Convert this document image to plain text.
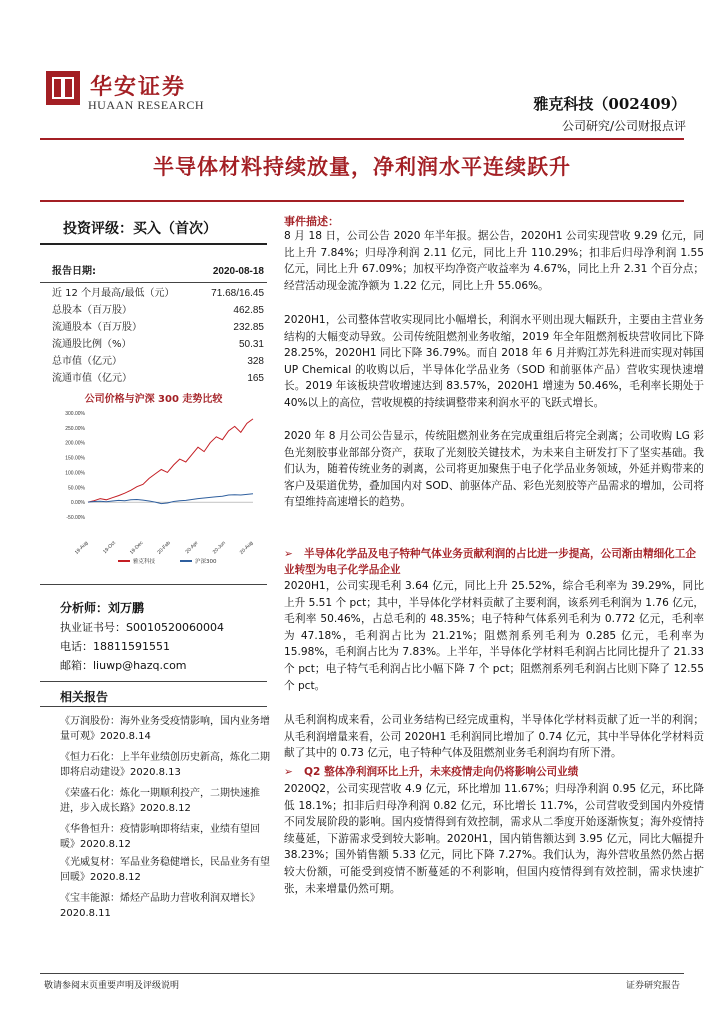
华安证券
HUAAN RESEARCH	雅克科技（002409）
公司研究/公司财报点评
半导体材料持续放量，净利润水平连续跃升
投资评级：买入（首次）
报告日期:	2020-08-18
近 12 个月最高/最低（元）	71.68/16.45
总股本（百万股）	462.85
流通股本（百万股）	232.85
流通股比例（%）	50.31
总市值（亿元）	328
流通市值（亿元）	165
公司价格与沪深 300 走势比较
300.00%
250.00%
200.00%
150.00%
100.00%
50.00%
0.00%
-50.00%
19-Aug	19-Oct 19-Dec 20-Feb	20-Apr 20-Jun 20-Aug
雅克科技	沪深300
分析师：刘万鹏
执业证书号：S0010520060004
电话：18811591551
邮箱：liuwp@hazq.com
相关报告
《万润股份：海外业务受疫情影响，国内业务增量可观》2020.8.14
《恒力石化：上半年业绩创历史新高，炼化二期即将启动建设》2020.8.13
《荣盛石化：炼化一期顺利投产，二期快速推进，步入成长路》2020.8.12
《华鲁恒升：疫情影响即将结束，业绩有望回暖》2020.8.12
《光威复材：军品业务稳健增长，民品业务有望回暖》2020.8.12
《宝丰能源：烯烃产品助力营收利润双增长》2020.8.11
事件描述：
8 月 18 日，公司公告 2020 年半年报。据公告，2020H1 公司实现营收 9.29 亿元，同比上升 7.84%；归母净利润 2.11 亿元，同比上升 110.29%；扣非后归母净利润 1.55 亿元，同比上升 67.09%；加权平均净资产收益率为 4.67%，同比上升 2.31 个百分点；经营活动现金流净额为 1.22 亿元，同比上升 55.06%。
2020H1，公司整体营收实现同比小幅增长，利润水平则出现大幅跃升，主要由主营业务结构的大幅变动导致。公司传统阻燃剂业务收缩，2019 年全年阻燃剂板块营收同比下降 28.25%，2020H1 同比下降 36.79%。而自 2018 年 6 月并购江苏先科进而实现对韩国 UP Chemical 的收购以后，半导体化学品业务（SOD 和前驱体产品）营收实现快速增长。2019 年该板块营收增速达到 83.57%，2020H1 增速为 50.46%，毛利率长期处于 40%以上的高位，营收规模的持续调整带来利润水平的飞跃式增长。
2020 年 8 月公司公告显示，传统阻燃剂业务在完成重组后将完全剥离；公司收购 LG 彩色光刻胶事业部部分资产，获取了光刻胶关键技术，为未来自主研发打下了坚实基础。我们认为，随着传统业务的剥离，公司将更加聚焦于电子化学品业务领域，外延并购带来的客户及渠道优势，叠加国内对 SOD、前驱体产品、彩色光刻胶等产品需求的增加，公司将有望维持高速增长的趋势。
➢ 半导体化学品及电子特种气体业务贡献利润的占比进一步提高，公司渐由精细化工企业转型为电子化学品企业
2020H1，公司实现毛利 3.64 亿元，同比上升 25.52%，综合毛利率为 39.29%，同比上升 5.51 个 pct；其中，半导体化学材料贡献了主要利润，该系列毛利润为 1.76 亿元，毛利率 50.46%，占总毛利的 48.35%；电子特种气体系列毛利为 0.772 亿元，毛利率为 47.18%，毛利润占比为 21.21%；阻燃剂系列毛利为 0.285 亿元，毛利率为 15.98%，毛利润占比为 7.83%。上半年，半导体化学材料毛利润占比同比提升了 21.33 个 pct；电子特气毛利润占比小幅下降 7 个 pct；阻燃剂系列毛利润占比则下降了 12.55 个 pct。
从毛利润构成来看，公司业务结构已经完成重构，半导体化学材料贡献了近一半的利润；从毛利润增量来看，公司 2020H1 毛利润同比增加了 0.74 亿元，其中半导体化学材料贡献了其中的 0.73 亿元，电子特种气体及阻燃剂业务毛利润均有所下滑。
➢ Q2 整体净利润环比上升，未来疫情走向仍将影响公司业绩
2020Q2，公司实现营收 4.9 亿元，环比增加 11.67%；归母净利润 0.95 亿元，环比降低 18.1%；扣非后归母净利润 0.82 亿元，环比增长 11.7%，公司营收受到国内外疫情不同发展阶段的影响。国内疫情得到有效控制，需求从二季度开始逐渐恢复；海外疫情持续蔓延，下游需求受到较大影响。2020H1，国内销售额达到 3.95 亿元，同比大幅提升 38.23%；国外销售额 5.33 亿元，同比下降 7.27%。我们认为，海外营收虽然仍然占据较大份额，可能受到疫情不断蔓延的不利影响，但国内疫情得到有效控制，需求快速扩张，未来增量仍然可期。
敬请参阅末页重要声明及评级说明	证券研究报告
